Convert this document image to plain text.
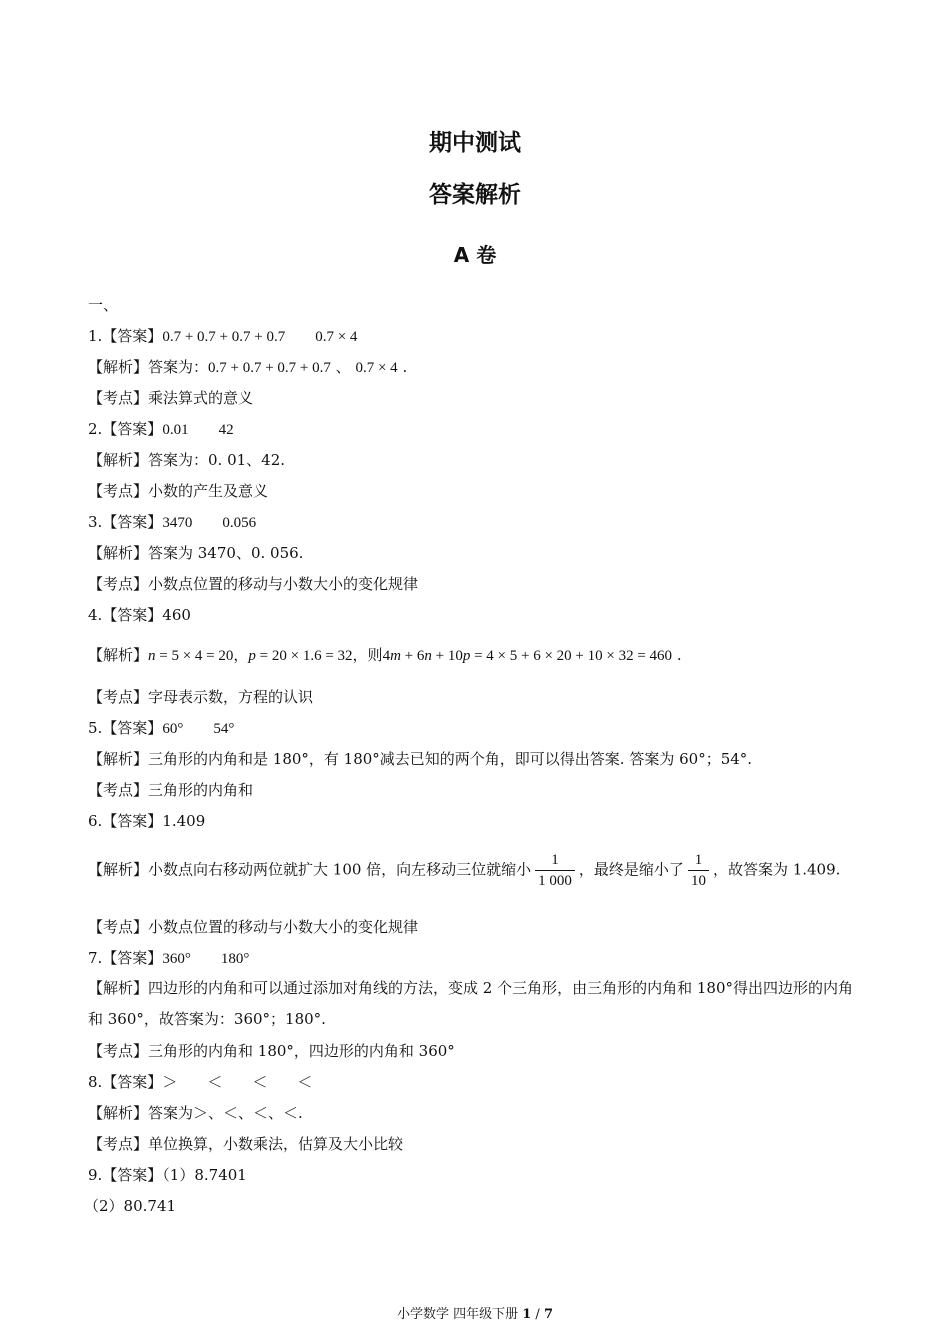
期中测试
答案解析
A 卷
一、
1.【答案】0.7 + 0.7 + 0.7 + 0.7 0.7 × 4
【解析】答案为：0.7 + 0.7 + 0.7 + 0.7 、 0.7 × 4 .
【考点】乘法算式的意义
2.【答案】0.01 42
【解析】答案为：0. 01、42.
【考点】小数的产生及意义
3.【答案】3470 0.056
【解析】答案为 3470、0. 056.
【考点】小数点位置的移动与小数大小的变化规律
4.【答案】460
【解析】n = 5 × 4 = 20，p = 20 × 1.6 = 32，则4m + 6n + 10p = 4 × 5 + 6 × 20 + 10 × 32 = 460 .
【考点】字母表示数，方程的认识
5.【答案】60° 54°
【解析】三角形的内角和是 180°，有 180°减去已知的两个角，即可以得出答案. 答案为 60°；54°.
【考点】三角形的内角和
6.【答案】1.409
【解析】小数点向右移动两位就扩大 100 倍，向左移动三位就缩小 $\frac{1}{1 000}$ ，最终是缩小了 $\frac{1}{10}$ ，故答案为 1.409.
【考点】小数点位置的移动与小数大小的变化规律
7.【答案】360° 180°
【解析】四边形的内角和可以通过添加对角线的方法，变成 2 个三角形，由三角形的内角和 180°得出四边形的内角和 360°，故答案为：360°；180°.
【考点】三角形的内角和 180°，四边形的内角和 360°
8.【答案】＞ ＜ ＜ ＜
【解析】答案为＞、＜、＜、＜.
【考点】单位换算，小数乘法，估算及大小比较
9.【答案】（1）8.7401
（2）80.741
小学数学 四年级下册 1 / 7
